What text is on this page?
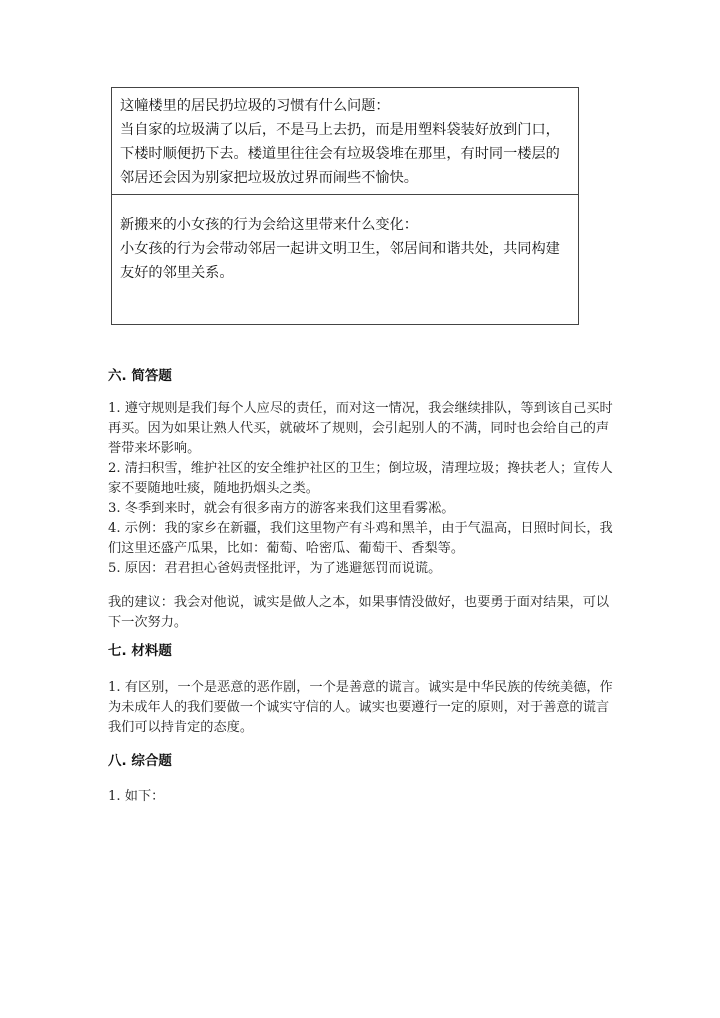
这幢楼里的居民扔垃圾的习惯有什么问题：

当自家的垃圾满了以后，不是马上去扔，而是用塑料袋装好放到门口，下楼时顺便扔下去。楼道里往往会有垃圾袋堆在那里，有时同一楼层的邻居还会因为别家把垃圾放过界而闹些不愉快。

新搬来的小女孩的行为会给这里带来什么变化：

小女孩的行为会带动邻居一起讲文明卫生，邻居间和谐共处，共同构建友好的邻里关系。

六. 简答题

1. 遵守规则是我们每个人应尽的责任，而对这一情况，我会继续排队，等到该自己买时再买。因为如果让熟人代买，就破坏了规则，会引起别人的不满，同时也会给自己的声誉带来坏影响。

2. 清扫积雪，维护社区的安全维护社区的卫生；倒垃圾，清理垃圾；搀扶老人；宣传人家不要随地吐痰，随地扔烟头之类。

3. 冬季到来时，就会有很多南方的游客来我们这里看雾凇。

4. 示例：我的家乡在新疆，我们这里物产有斗鸡和黑羊，由于气温高，日照时间长，我们这里还盛产瓜果，比如：葡萄、哈密瓜、葡萄干、香梨等。

5. 原因：君君担心爸妈责怪批评，为了逃避惩罚而说谎。

我的建议：我会对他说，诚实是做人之本，如果事情没做好，也要勇于面对结果，可以下一次努力。

七. 材料题

1. 有区别，一个是恶意的恶作剧，一个是善意的谎言。诚实是中华民族的传统美德，作为未成年人的我们要做一个诚实守信的人。诚实也要遵行一定的原则，对于善意的谎言我们可以持肯定的态度。

八. 综合题

1. 如下：
